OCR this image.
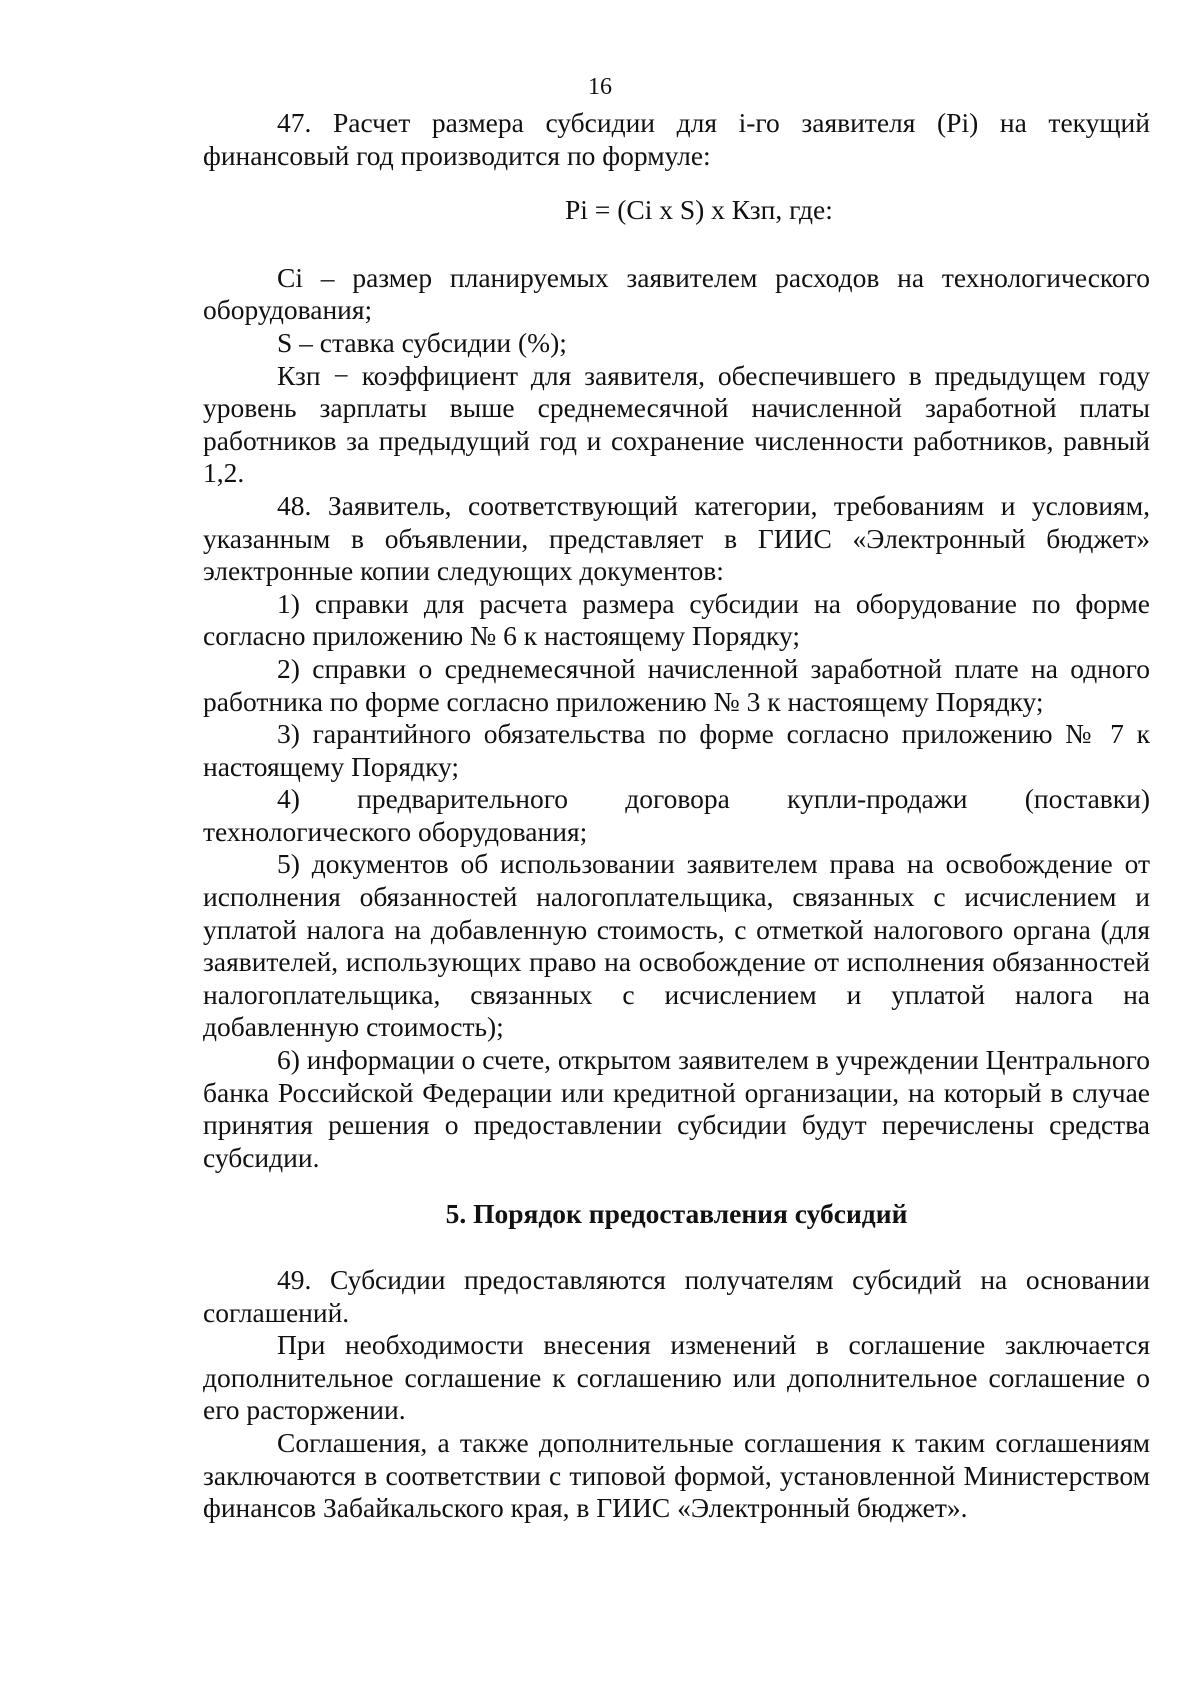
16

47. Расчет размера субсидии для i-го заявителя (Pi) на текущий финансовый год производится по формуле:

Pi = (Ci x S) x Кзп, где:

Ci – размер планируемых заявителем расходов на технологического оборудования;

S – ставка субсидии (%);

Кзп − коэффициент для заявителя, обеспечившего в предыдущем году уровень зарплаты выше среднемесячной начисленной заработной платы работников за предыдущий год и сохранение численности работников, равный 1,2.

48. Заявитель, соответствующий категории, требованиям и условиям, указанным в объявлении, представляет в ГИИС «Электронный бюджет» электронные копии следующих документов:

1) справки для расчета размера субсидии на оборудование по форме согласно приложению № 6 к настоящему Порядку;

2) справки о среднемесячной начисленной заработной плате на одного работника по форме согласно приложению № 3 к настоящему Порядку;

3) гарантийного обязательства по форме согласно приложению № 7 к настоящему Порядку;

4) предварительного договора купли-продажи (поставки) технологического оборудования;

5) документов об использовании заявителем права на освобождение от исполнения обязанностей налогоплательщика, связанных с исчислением и уплатой налога на добавленную стоимость, с отметкой налогового органа (для заявителей, использующих право на освобождение от исполнения обязанностей налогоплательщика, связанных с исчислением и уплатой налога на добавленную стоимость);

6) информации о счете, открытом заявителем в учреждении Центрального банка Российской Федерации или кредитной организации, на который в случае принятия решения о предоставлении субсидии будут перечислены средства субсидии.

5. Порядок предоставления субсидий

49. Субсидии предоставляются получателям субсидий на основании соглашений.

При необходимости внесения изменений в соглашение заключается дополнительное соглашение к соглашению или дополнительное соглашение о его расторжении.

Соглашения, а также дополнительные соглашения к таким соглашениям заключаются в соответствии с типовой формой, установленной Министерством финансов Забайкальского края, в ГИИС «Электронный бюджет».
